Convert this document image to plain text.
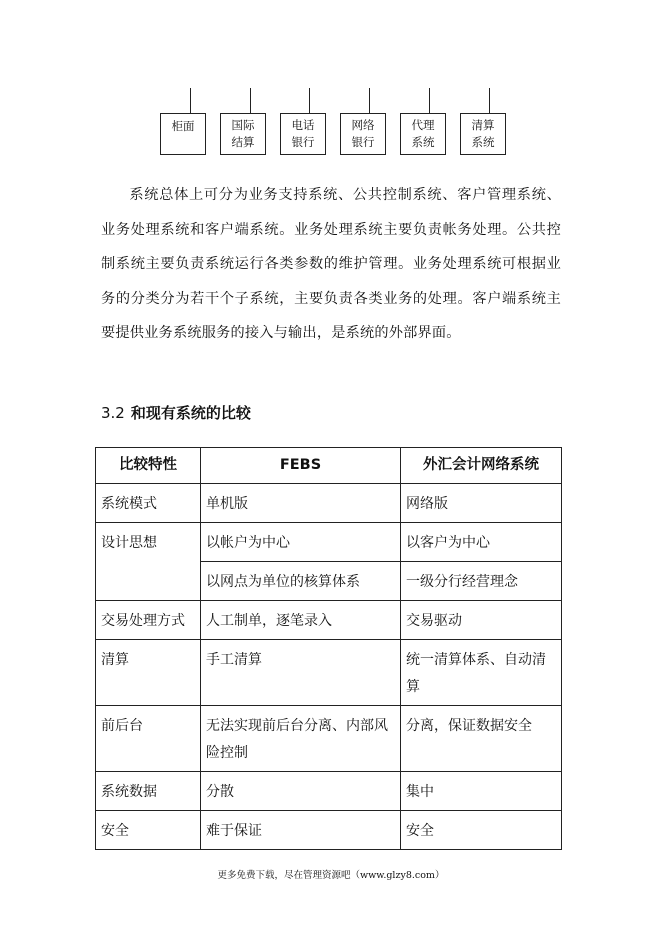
柜面	国际
结算
电话
银行
网络
银行
代理
系统
清算
系统
系统总体上可分为业务支持系统、公共控制系统、客户管理系统、业务处理系统和客户端系统。业务处理系统主要负责帐务处理。公共控制系统主要负责系统运行各类参数的维护管理。业务处理系统可根据业务的分类分为若干个子系统，主要负责各类业务的处理。客户端系统主要提供业务系统服务的接入与输出，是系统的外部界面。
3.2 和现有系统的比较
比较特性	FEBS	外汇会计网络系统
系统模式	单机版	网络版
设计思想	以帐户为中心	以客户为中心
	以网点为单位的核算体系	一级分行经营理念
交易处理方式	人工制单，逐笔录入	交易驱动
清算	手工清算	统一清算体系、自动清算
前后台	无法实现前后台分离、内部风险控制	分离，保证数据安全
系统数据	分散	集中
安全	难于保证	安全
更多免费下载，尽在管理资源吧（www.glzy8.com）
